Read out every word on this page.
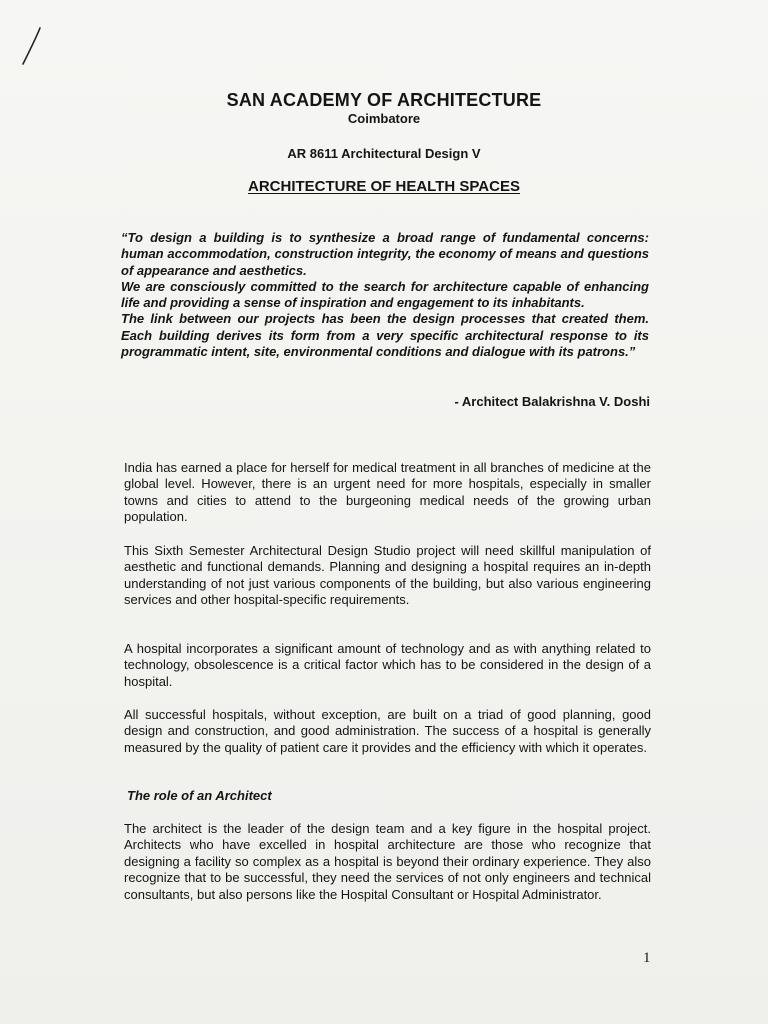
SAN ACADEMY OF ARCHITECTURE
Coimbatore
AR 8611 Architectural Design V
ARCHITECTURE OF HEALTH SPACES

“To design a building is to synthesize a broad range of fundamental concerns: human accommodation, construction integrity, the economy of means and questions of appearance and aesthetics.

We are consciously committed to the search for architecture capable of enhancing life and providing a sense of inspiration and engagement to its inhabitants.

The link between our projects has been the design processes that created them. Each building derives its form from a very specific architectural response to its programmatic intent, site, environmental conditions and dialogue with its patrons.”

- Architect Balakrishna V. Doshi

India has earned a place for herself for medical treatment in all branches of medicine at the global level. However, there is an urgent need for more hospitals, especially in smaller towns and cities to attend to the burgeoning medical needs of the growing urban population.

This Sixth Semester Architectural Design Studio project will need skillful manipulation of aesthetic and functional demands. Planning and designing a hospital requires an in-depth understanding of not just various components of the building, but also various engineering services and other hospital-specific requirements.

A hospital incorporates a significant amount of technology and as with anything related to technology, obsolescence is a critical factor which has to be considered in the design of a hospital.

All successful hospitals, without exception, are built on a triad of good planning, good design and construction, and good administration. The success of a hospital is generally measured by the quality of patient care it provides and the efficiency with which it operates.

The role of an Architect

The architect is the leader of the design team and a key figure in the hospital project. Architects who have excelled in hospital architecture are those who recognize that designing a facility so complex as a hospital is beyond their ordinary experience. They also recognize that to be successful, they need the services of not only engineers and technical consultants, but also persons like the Hospital Consultant or Hospital Administrator.

1
